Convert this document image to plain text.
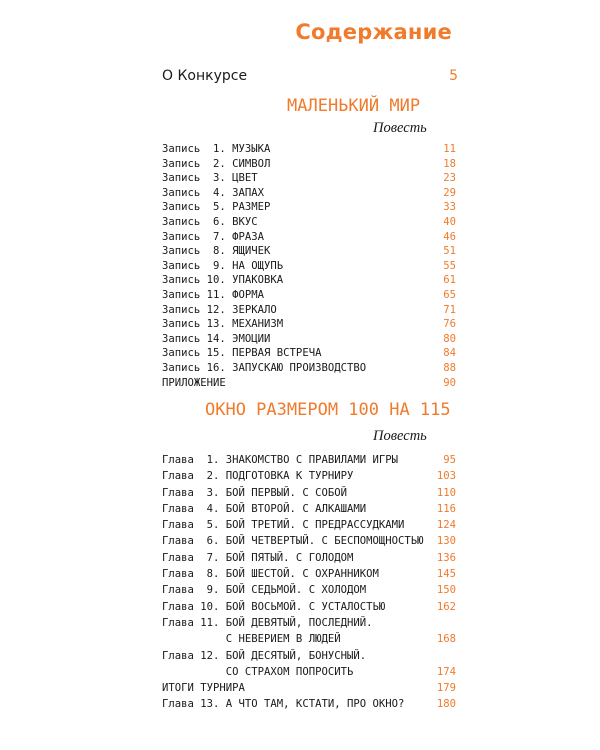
Содержание
О Конкурсе	5
МАЛЕНЬКИЙ МИР
Повесть
Запись  1. МУЗЫКА	11
Запись  2. СИМВОЛ	18
Запись  3. ЦВЕТ	23
Запись  4. ЗАПАХ	29
Запись  5. РАЗМЕР	33
Запись  6. ВКУС	40
Запись  7. ФРАЗА	46
Запись  8. ЯЩИЧЕК	51
Запись  9. НА ОЩУПЬ	55
Запись 10. УПАКОВКА	61
Запись 11. ФОРМА	65
Запись 12. ЗЕРКАЛО	71
Запись 13. МЕХАНИЗМ	76
Запись 14. ЭМОЦИИ	80
Запись 15. ПЕРВАЯ ВСТРЕЧА	84
Запись 16. ЗАПУСКАЮ ПРОИЗВОДСТВО	88
ПРИЛОЖЕНИЕ	90
ОКНО РАЗМЕРОМ 100 НА 115
Повесть
Глава  1. ЗНАКОМСТВО С ПРАВИЛАМИ ИГРЫ	95
Глава  2. ПОДГОТОВКА К ТУРНИРУ	103
Глава  3. БОЙ ПЕРВЫЙ. С СОБОЙ	110
Глава  4. БОЙ ВТОРОЙ. С АЛКАШАМИ	116
Глава  5. БОЙ ТРЕТИЙ. С ПРЕДРАССУДКАМИ	124
Глава  6. БОЙ ЧЕТВЕРТЫЙ. С БЕСПОМОЩНОСТЬЮ 130
Глава  7. БОЙ ПЯТЫЙ. С ГОЛОДОМ	136
Глава  8. БОЙ ШЕСТОЙ. С ОХРАННИКОМ	145
Глава  9. БОЙ СЕДЬМОЙ. С ХОЛОДОМ	150
Глава 10. БОЙ ВОСЬМОЙ. С УСТАЛОСТЬЮ	162
Глава 11. БОЙ ДЕВЯТЫЙ, ПОСЛЕДНИЙ.
С НЕВЕРИЕМ В ЛЮДЕЙ	168
Глава 12. БОЙ ДЕСЯТЫЙ, БОНУСНЫЙ.
СО СТРАХОМ ПОПРОСИТЬ	174
ИТОГИ ТУРНИРА	179
Глава 13. А ЧТО ТАМ, КСТАТИ, ПРО ОКНО?	180
